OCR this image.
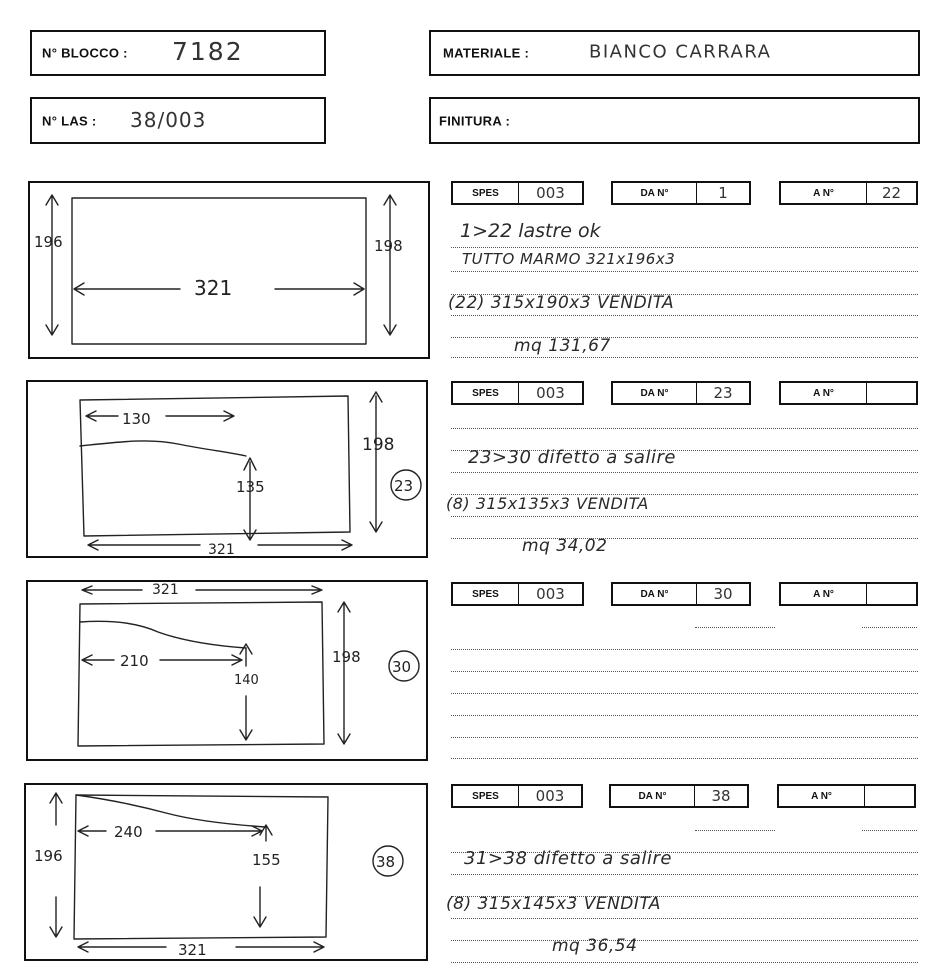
N° BLOCCO : 7182	MATERIALE :	BIANCO CARRARA
N° LAS : 38/003	FINITURA :
196	198
321
SPES	003	DA N°	1	A N°	22
1>22 lastre ok
TUTTO MARMO 321x196x3
(22) 315x190x3 VENDITA
mq 131,67
130
135
198
321
23
SPES	003	DA N°	23	A N°
23>30 difetto a salire
(8) 315x135x3 VENDITA
mq 34,02
321
210
140
198
30
SPES	003	DA N°	30	A N°
196
240
155
321
38
SPES	003	DA N°	38	A N°
31>38 difetto a salire
(8) 315x145x3 VENDITA
mq 36,54
